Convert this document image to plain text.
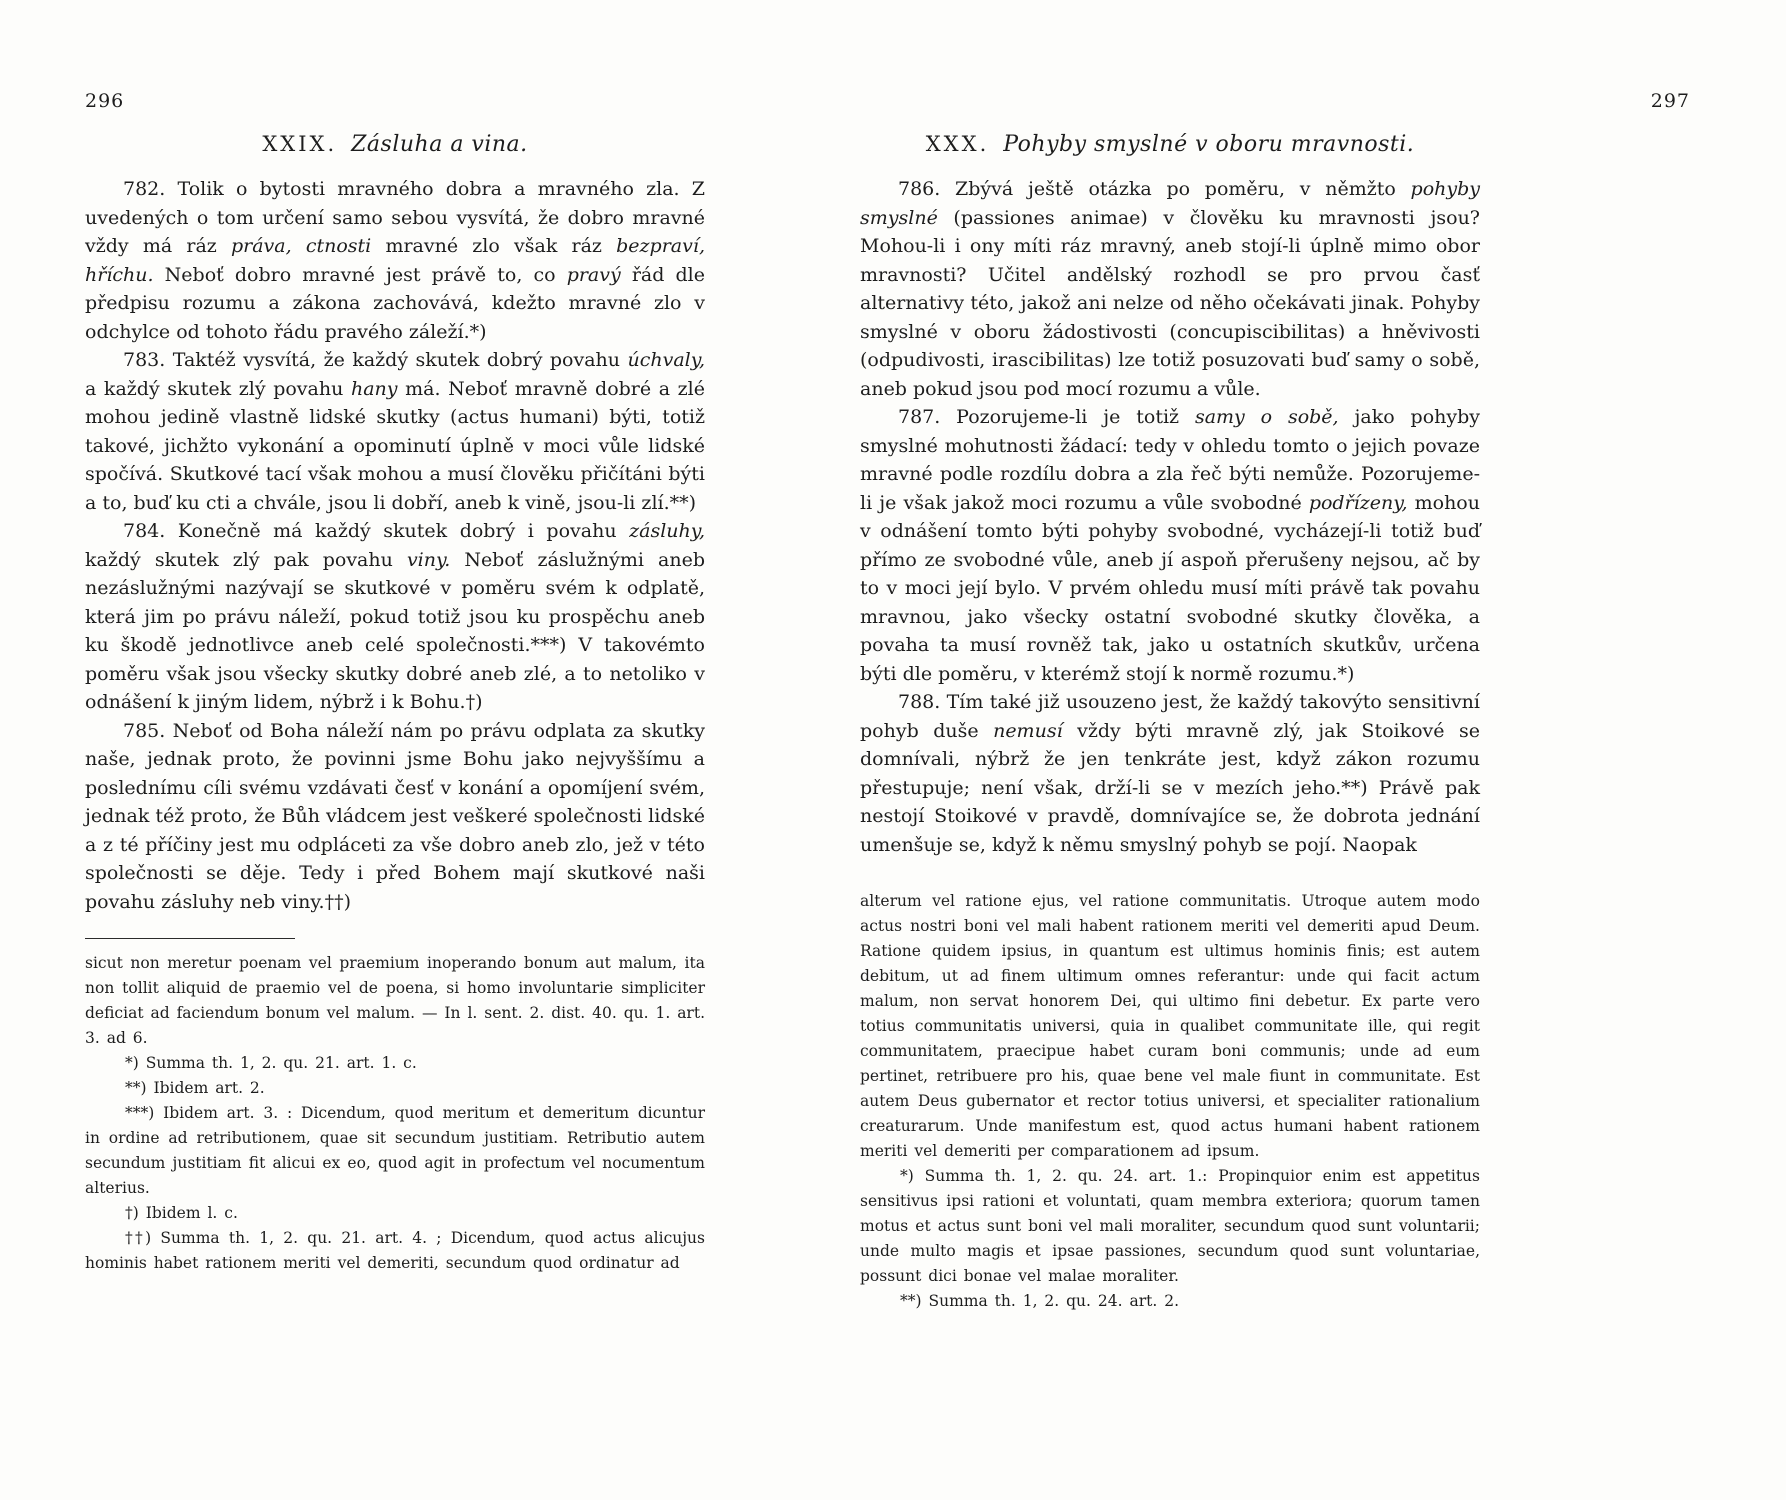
296
XXIX. Zásluha a vina.

782. Tolik o bytosti mravného dobra a mravného zla. Z uvedených o tom určení samo sebou vysvítá, že dobro mravné vždy má ráz práva, ctnosti mravné zlo však ráz bezpraví, hříchu. Neboť dobro mravné jest právě to, co pravý řád dle předpisu rozumu a zákona zachovává, kdežto mravné zlo v odchylce od tohoto řádu pravého záleží.*)

783. Taktéž vysvítá, že každý skutek dobrý povahu úchvaly, a každý skutek zlý povahu hany má. Neboť mravně dobré a zlé mohou jedině vlastně lidské skutky (actus humani) býti, totiž takové, jichžto vykonání a opominutí úplně v moci vůle lidské spočívá. Skutkové tací však mohou a musí člověku přičítáni býti a to, buď ku cti a chvále, jsou li dobří, aneb k vině, jsou-li zlí.**)

784. Konečně má každý skutek dobrý i povahu zásluhy, každý skutek zlý pak povahu viny. Neboť záslužnými aneb nezáslužnými nazývají se skutkové v poměru svém k odplatě, která jim po právu náleží, pokud totiž jsou ku prospěchu aneb ku škodě jednotlivce aneb celé společnosti.***) V takovémto poměru však jsou všecky skutky dobré aneb zlé, a to netoliko v odnášení k jiným lidem, nýbrž i k Bohu.†)

785. Neboť od Boha náleží nám po právu odplata za skutky naše, jednak proto, že povinni jsme Bohu jako nejvyššímu a poslednímu cíli svému vzdávati česť v konání a opomíjení svém, jednak též proto, že Bůh vládcem jest veškeré společnosti lidské a z té příčiny jest mu odpláceti za vše dobro aneb zlo, jež v této společnosti se děje. Tedy i před Bohem mají skutkové naši povahu zásluhy neb viny.††)

sicut non meretur poenam vel praemium inoperando bonum aut malum, ita non tollit aliquid de praemio vel de poena, si homo involuntarie simpliciter deficiat ad faciendum bonum vel malum. — In l. sent. 2. dist. 40. qu. 1. art. 3. ad 6.

*) Summa th. 1, 2. qu. 21. art. 1. c.

**) Ibidem art. 2.

***) Ibidem art. 3. : Dicendum, quod meritum et demeritum dicuntur in ordine ad retributionem, quae sit secundum justitiam. Retributio autem secundum justitiam fit alicui ex eo, quod agit in profectum vel nocumentum alterius.

†) Ibidem l. c.

††) Summa th. 1, 2. qu. 21. art. 4. ; Dicendum, quod actus alicujus hominis habet rationem meriti vel demeriti, secundum quod ordinatur ad

297
XXX. Pohyby smyslné v oboru mravnosti.

786. Zbývá ještě otázka po poměru, v němžto pohyby smyslné (passiones animae) v člověku ku mravnosti jsou? Mohou-li i ony míti ráz mravný, aneb stojí-li úplně mimo obor mravnosti? Učitel andělský rozhodl se pro prvou časť alternativy této, jakož ani nelze od něho očekávati jinak. Pohyby smyslné v oboru žádostivosti (concupiscibilitas) a hněvivosti (odpudivosti, irascibilitas) lze totiž posuzovati buď samy o sobě, aneb pokud jsou pod mocí rozumu a vůle.

787. Pozorujeme-li je totiž samy o sobě, jako pohyby smyslné mohutnosti žádací: tedy v ohledu tomto o jejich povaze mravné podle rozdílu dobra a zla řeč býti nemůže. Pozorujeme-li je však jakož moci rozumu a vůle svobodné podřízeny, mohou v odnášení tomto býti pohyby svobodné, vycházejí-li totiž buď přímo ze svobodné vůle, aneb jí aspoň přerušeny nejsou, ač by to v moci její bylo. V prvém ohledu musí míti právě tak povahu mravnou, jako všecky ostatní svobodné skutky člověka, a povaha ta musí rovněž tak, jako u ostatních skutkův, určena býti dle poměru, v kterémž stojí k normě rozumu.*)

788. Tím také již usouzeno jest, že každý takovýto sensitivní pohyb duše nemusí vždy býti mravně zlý, jak Stoikové se domnívali, nýbrž že jen tenkráte jest, když zákon rozumu přestupuje; není však, drží-li se v mezích jeho.**) Právě pak nestojí Stoikové v pravdě, domnívajíce se, že dobrota jednání umenšuje se, když k němu smyslný pohyb se pojí. Naopak

alterum vel ratione ejus, vel ratione communitatis. Utroque autem modo actus nostri boni vel mali habent rationem meriti vel demeriti apud Deum. Ratione quidem ipsius, in quantum est ultimus hominis finis; est autem debitum, ut ad finem ultimum omnes referantur: unde qui facit actum malum, non servat honorem Dei, qui ultimo fini debetur. Ex parte vero totius communitatis universi, quia in qualibet communitate ille, qui regit communitatem, praecipue habet curam boni communis; unde ad eum pertinet, retribuere pro his, quae bene vel male fiunt in communitate. Est autem Deus gubernator et rector totius universi, et specialiter rationalium creaturarum. Unde manifestum est, quod actus humani habent rationem meriti vel demeriti per comparationem ad ipsum.

*) Summa th. 1, 2. qu. 24. art. 1.: Propinquior enim est appetitus sensitivus ipsi rationi et voluntati, quam membra exteriora; quorum tamen motus et actus sunt boni vel mali moraliter, secundum quod sunt voluntarii; unde multo magis et ipsae passiones, secundum quod sunt voluntariae, possunt dici bonae vel malae moraliter.

**) Summa th. 1, 2. qu. 24. art. 2.
